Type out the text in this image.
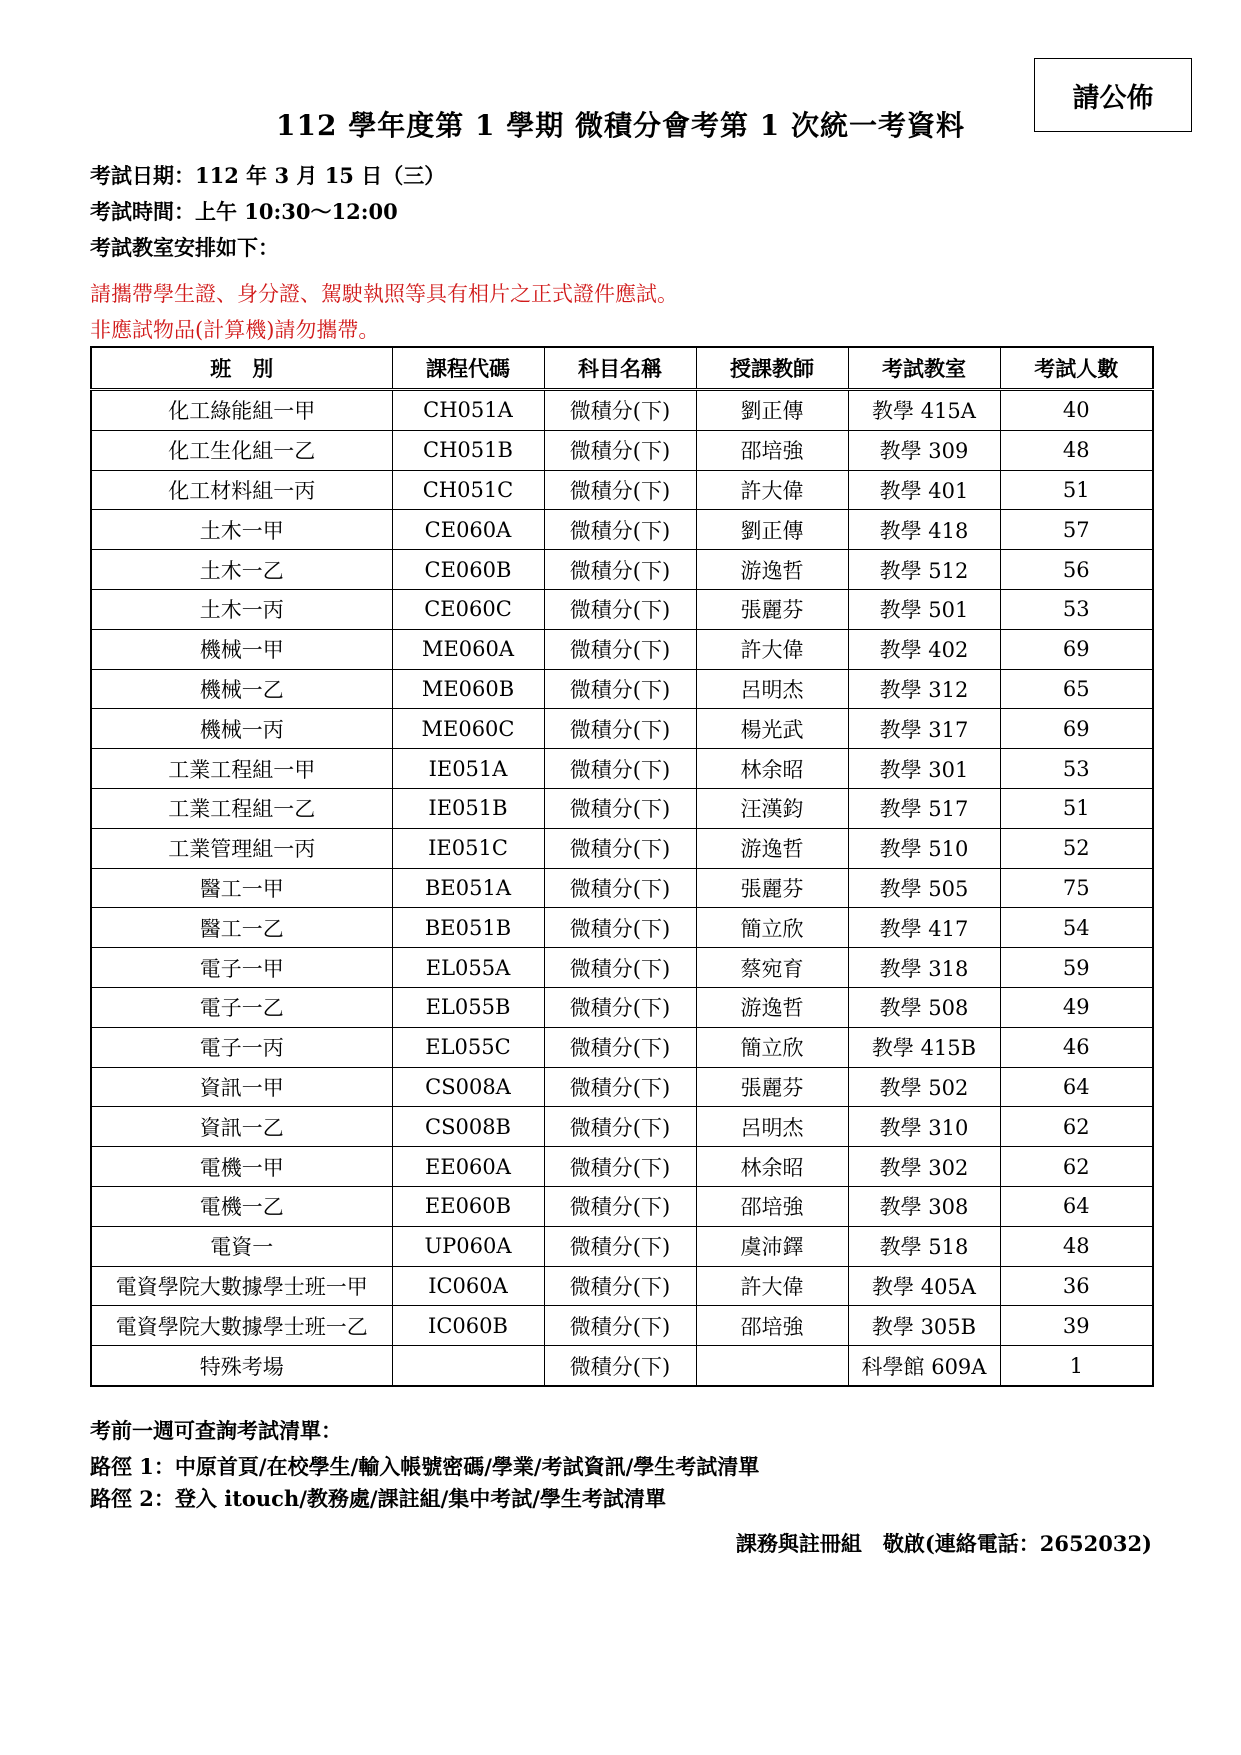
請公佈
112 學年度第 1 學期 微積分會考第 1 次統一考資料
考試日期：112 年 3 月 15 日（三）
考試時間：上午 10:30～12:00
考試教室安排如下：
請攜帶學生證、身分證、駕駛執照等具有相片之正式證件應試。
非應試物品(計算機)請勿攜帶。
班　別	課程代碼	科目名稱	授課教師	考試教室	考試人數
化工綠能組一甲	CH051A	微積分(下)	劉正傳	教學 415A	40
化工生化組一乙	CH051B	微積分(下)	邵培強	教學 309	48
化工材料組一丙	CH051C	微積分(下)	許大偉	教學 401	51
土木一甲	CE060A	微積分(下)	劉正傳	教學 418	57
土木一乙	CE060B	微積分(下)	游逸哲	教學 512	56
土木一丙	CE060C	微積分(下)	張麗芬	教學 501	53
機械一甲	ME060A	微積分(下)	許大偉	教學 402	69
機械一乙	ME060B	微積分(下)	呂明杰	教學 312	65
機械一丙	ME060C	微積分(下)	楊光武	教學 317	69
工業工程組一甲	IE051A	微積分(下)	林余昭	教學 301	53
工業工程組一乙	IE051B	微積分(下)	汪漢鈞	教學 517	51
工業管理組一丙	IE051C	微積分(下)	游逸哲	教學 510	52
醫工一甲	BE051A	微積分(下)	張麗芬	教學 505	75
醫工一乙	BE051B	微積分(下)	簡立欣	教學 417	54
電子一甲	EL055A	微積分(下)	蔡宛育	教學 318	59
電子一乙	EL055B	微積分(下)	游逸哲	教學 508	49
電子一丙	EL055C	微積分(下)	簡立欣	教學 415B	46
資訊一甲	CS008A	微積分(下)	張麗芬	教學 502	64
資訊一乙	CS008B	微積分(下)	呂明杰	教學 310	62
電機一甲	EE060A	微積分(下)	林余昭	教學 302	62
電機一乙	EE060B	微積分(下)	邵培強	教學 308	64
電資一	UP060A	微積分(下)	虞沛鐸	教學 518	48
電資學院大數據學士班一甲	IC060A	微積分(下)	許大偉	教學 405A	36
電資學院大數據學士班一乙	IC060B	微積分(下)	邵培強	教學 305B	39
特殊考場		微積分(下)		科學館 609A	1
考前一週可查詢考試清單：
路徑 1：中原首頁/在校學生/輸入帳號密碼/學業/考試資訊/學生考試清單
路徑 2：登入 itouch/教務處/課註組/集中考試/學生考試清單
課務與註冊組　敬啟(連絡電話：2652032)
